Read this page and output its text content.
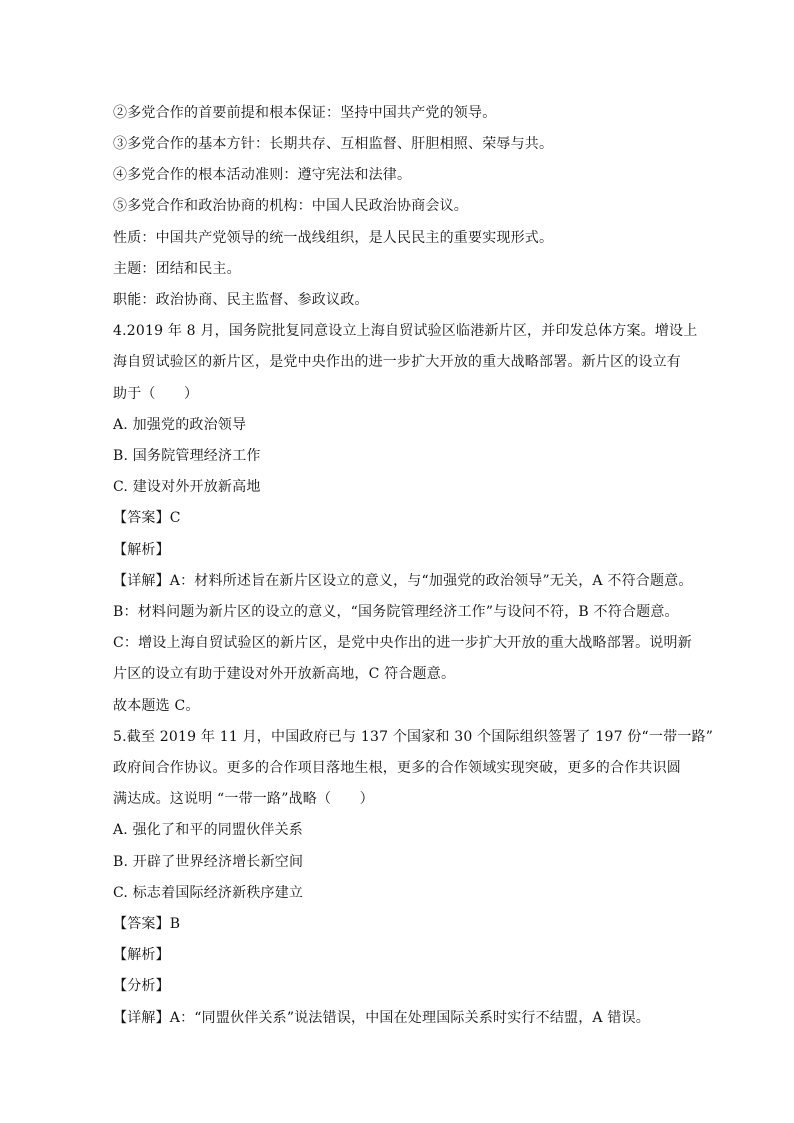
②多党合作的首要前提和根本保证：坚持中国共产党的领导。
③多党合作的基本方针：长期共存、互相监督、肝胆相照、荣辱与共。
④多党合作的根本活动准则：遵守宪法和法律。
⑤多党合作和政治协商的机构：中国人民政治协商会议。
性质：中国共产党领导的统一战线组织，是人民民主的重要实现形式。
主题：团结和民主。
职能：政治协商、民主监督、参政议政。
4.2019 年 8 月，国务院批复同意设立上海自贸试验区临港新片区，并印发总体方案。增设上
海自贸试验区的新片区，是党中央作出的进一步扩大开放的重大战略部署。新片区的设立有
助于（　　）
A. 加强党的政治领导
B. 国务院管理经济工作
C. 建设对外开放新高地
【答案】C
【解析】
【详解】A：材料所述旨在新片区设立的意义，与“加强党的政治领导”无关，A 不符合题意。
B：材料问题为新片区的设立的意义，“国务院管理经济工作”与设问不符，B 不符合题意。
C：增设上海自贸试验区的新片区，是党中央作出的进一步扩大开放的重大战略部署。说明新
片区的设立有助于建设对外开放新高地，C 符合题意。
故本题选 C。
5.截至 2019 年 11 月，中国政府已与 137 个国家和 30 个国际组织签署了 197 份“一带一路”
政府间合作协议。更多的合作项目落地生根，更多的合作领域实现突破，更多的合作共识圆
满达成。这说明 “一带一路”战略（　　）
A. 强化了和平的同盟伙伴关系
B. 开辟了世界经济增长新空间
C. 标志着国际经济新秩序建立
【答案】B
【解析】
【分析】
【详解】A：“同盟伙伴关系”说法错误，中国在处理国际关系时实行不结盟，A 错误。
